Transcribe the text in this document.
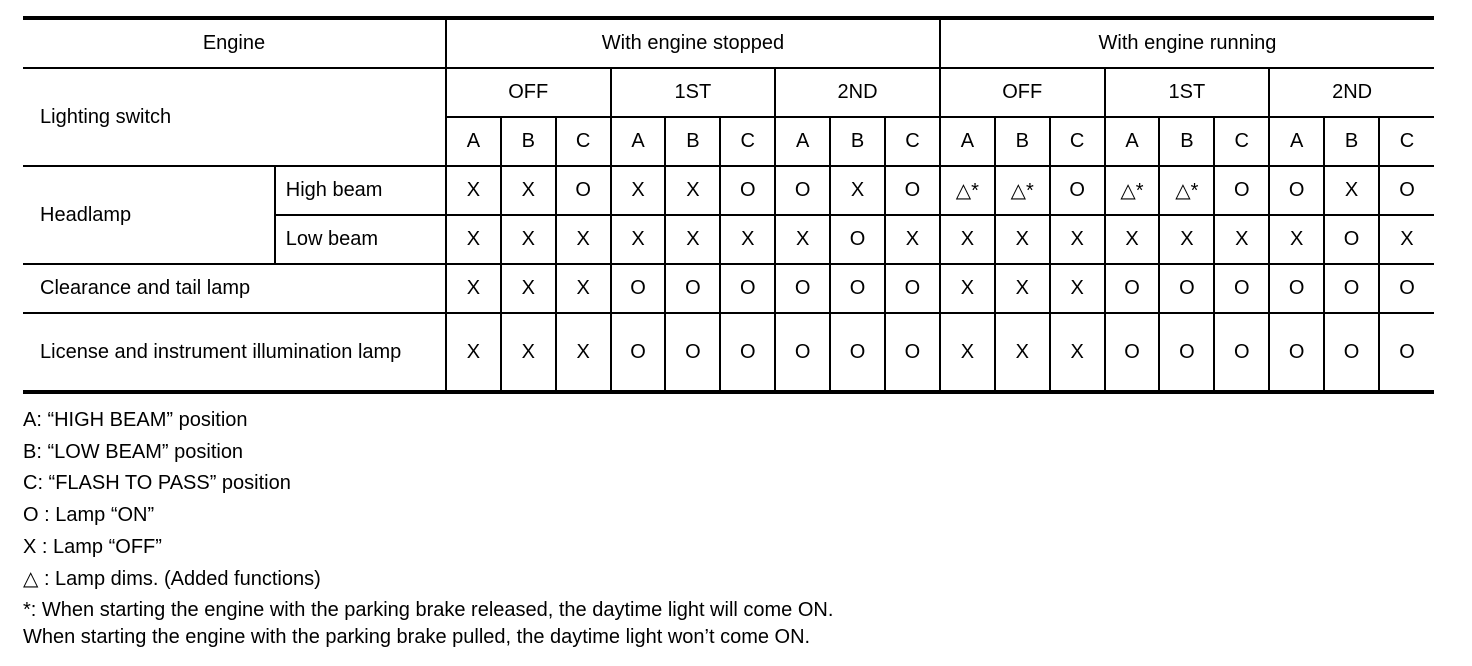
Engine		With engine stopped									With engine running								
Lighting switch		OFF			1ST			2ND			OFF			1ST			2ND		
		A	B	C	A	B	C	A	B	C	A	B	C	A	B	C	A	B	C
Headlamp	High beam	X	X	O	X	X	O	O	X	O	△*	△*	O	△*	△*	O	O	X	O
	Low beam	X	X	X	X	X	X	X	O	X	X	X	X	X	X	X	X	O	X
Clearance and tail lamp		X	X	X	O	O	O	O	O	O	X	X	X	O	O	O	O	O	O
License and instrument illumination lamp		X	X	X	O	O	O	O	O	O	X	X	X	O	O	O	O	O	O
A: “HIGH BEAM” position
B: “LOW BEAM” position
C: “FLASH TO PASS” position
O : Lamp “ON”
X : Lamp “OFF”
△ : Lamp dims. (Added functions)
*: When starting the engine with the parking brake released, the daytime light will come ON.
When starting the engine with the parking brake pulled, the daytime light won’t come ON.
